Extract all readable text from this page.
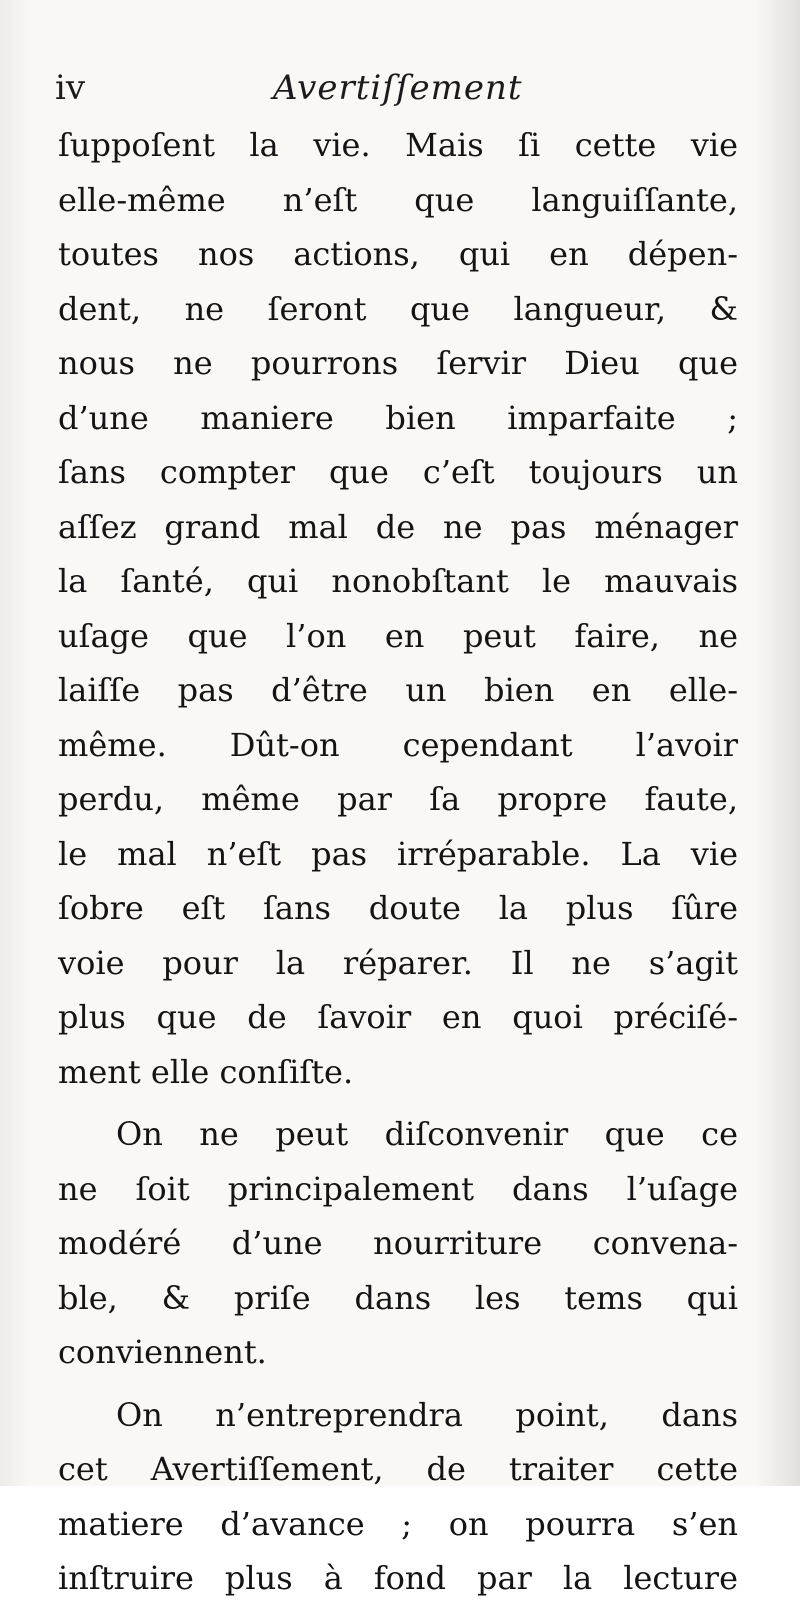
iv	Avertiſſement
ſuppoſent la vie. Mais ſi cette vie
elle-même n’eſt que languiſſante,
toutes nos actions, qui en dépen-
dent, ne ſeront que langueur, &
nous ne pourrons ſervir Dieu que
d’une maniere bien imparfaite ;
ſans compter que c’eſt toujours un
aſſez grand mal de ne pas ménager
la ſanté, qui nonobſtant le mauvais
uſage que l’on en peut faire, ne
laiſſe pas d’être un bien en elle-
même. Dût-on cependant l’avoir
perdu, même par ſa propre faute,
le mal n’eſt pas irréparable. La vie
ſobre eſt ſans doute la plus ſûre
voie pour la réparer. Il ne s’agit
plus que de ſavoir en quoi préciſé-
ment elle conſiſte.
On ne peut diſconvenir que ce
ne ſoit principalement dans l’uſage
modéré d’une nourriture convena-
ble, & priſe dans les tems qui
conviennent.
On n’entreprendra point, dans
cet Avertiſſement, de traiter cette
matiere d’avance ; on pourra s’en
inſtruire plus à fond par la lecture
